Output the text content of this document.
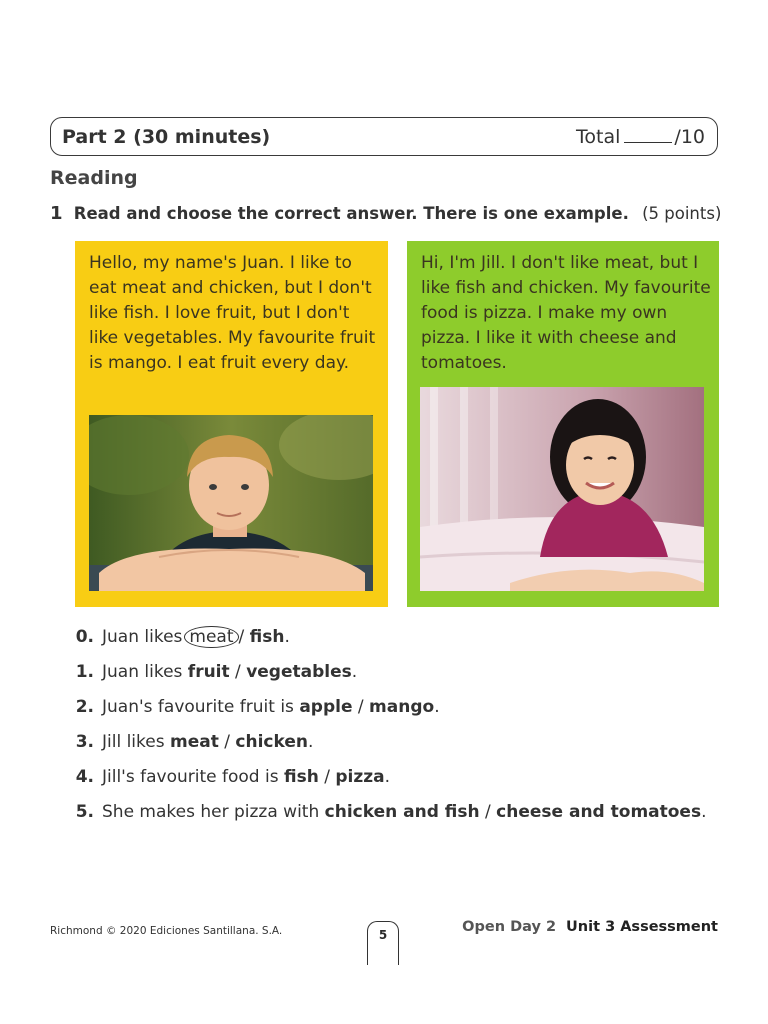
Part 2 (30 minutes)	Total	/10
Reading
1 Read and choose the correct answer. There is one example. (5 points)
Hello, my name's Juan. I like to eat meat and chicken, but I don't like fish. I love fruit, but I don't like vegetables. My favourite fruit is mango. I eat fruit every day.
Hi, I'm Jill. I don't like meat, but I like fish and chicken. My favourite food is pizza. I make my own pizza. I like it with cheese and tomatoes.
0. Juan likes meat / fish.
1. Juan likes fruit / vegetables.
2. Juan's favourite fruit is apple / mango.
3. Jill likes meat / chicken.
4. Jill's favourite food is fish / pizza.
5. She makes her pizza with chicken and fish / cheese and tomatoes.
Richmond © 2020 Ediciones Santillana. S.A.	5	Open Day 2 Unit 3 Assessment
